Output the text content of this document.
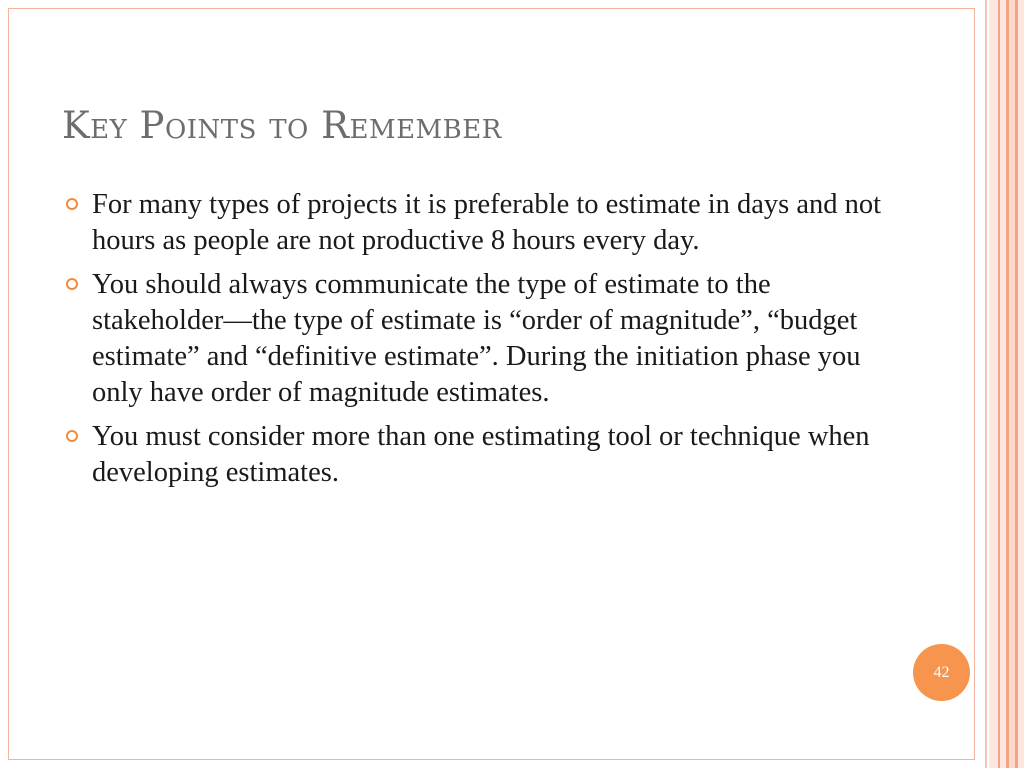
Key Points to Remember
For many types of projects it is preferable to estimate in days and not hours as people are not productive 8 hours every day.
You should always communicate the type of estimate to the stakeholder—the type of estimate is “order of magnitude”, “budget estimate” and “definitive estimate”. During the initiation phase you only have order of magnitude estimates.
You must consider more than one estimating tool or technique when developing estimates.
42
